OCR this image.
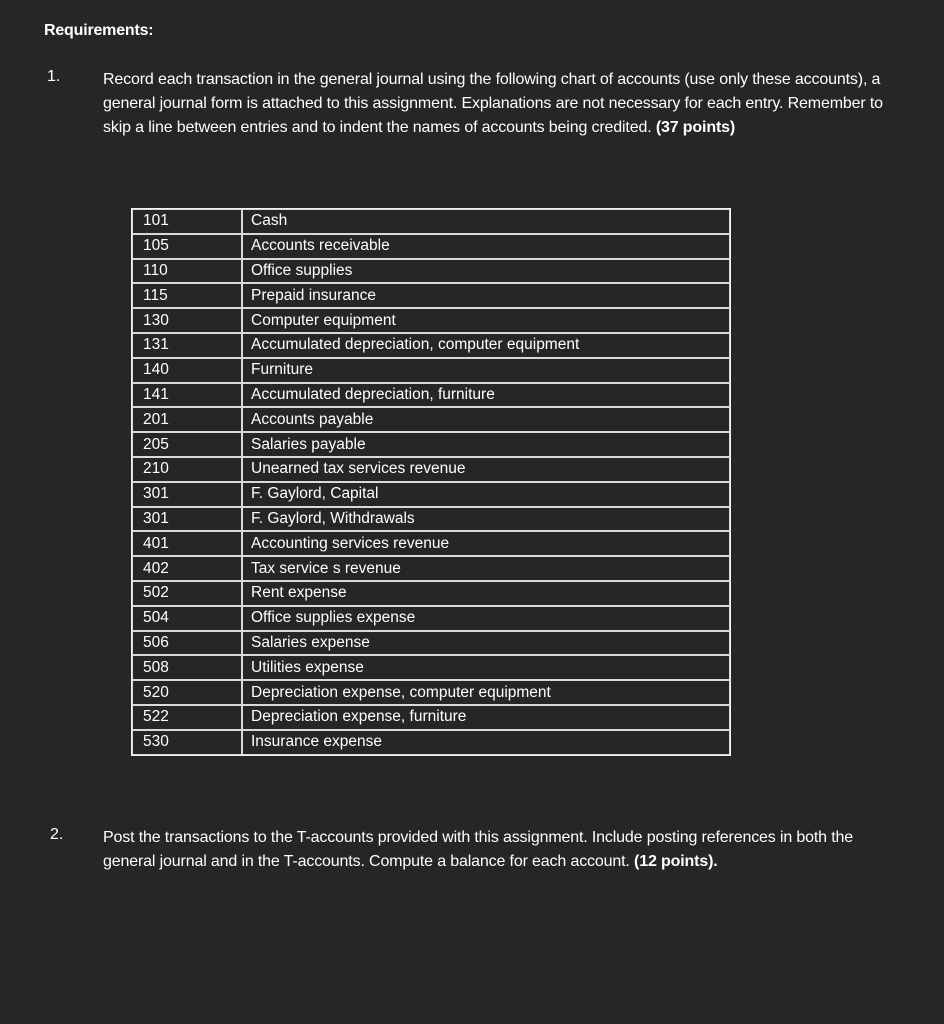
Requirements:
1.	Record each transaction in the general journal using the following chart of accounts (use only these accounts), a general journal form is attached to this assignment. Explanations are not necessary for each entry. Remember to skip a line between entries and to indent the names of accounts being credited. (37 points)
101	Cash
105	Accounts receivable
110	Office supplies
115	Prepaid insurance
130	Computer equipment
131	Accumulated depreciation, computer equipment
140	Furniture
141	Accumulated depreciation, furniture
201	Accounts payable
205	Salaries payable
210	Unearned tax services revenue
301	F. Gaylord, Capital
301	F. Gaylord, Withdrawals
401	Accounting services revenue
402	Tax service s revenue
502	Rent expense
504	Office supplies expense
506	Salaries expense
508	Utilities expense
520	Depreciation expense, computer equipment
522	Depreciation expense, furniture
530	Insurance expense
2. Post the transactions to the T-accounts provided with this assignment. Include posting references in both the general journal and in the T-accounts. Compute a balance for each account. (12 points).
